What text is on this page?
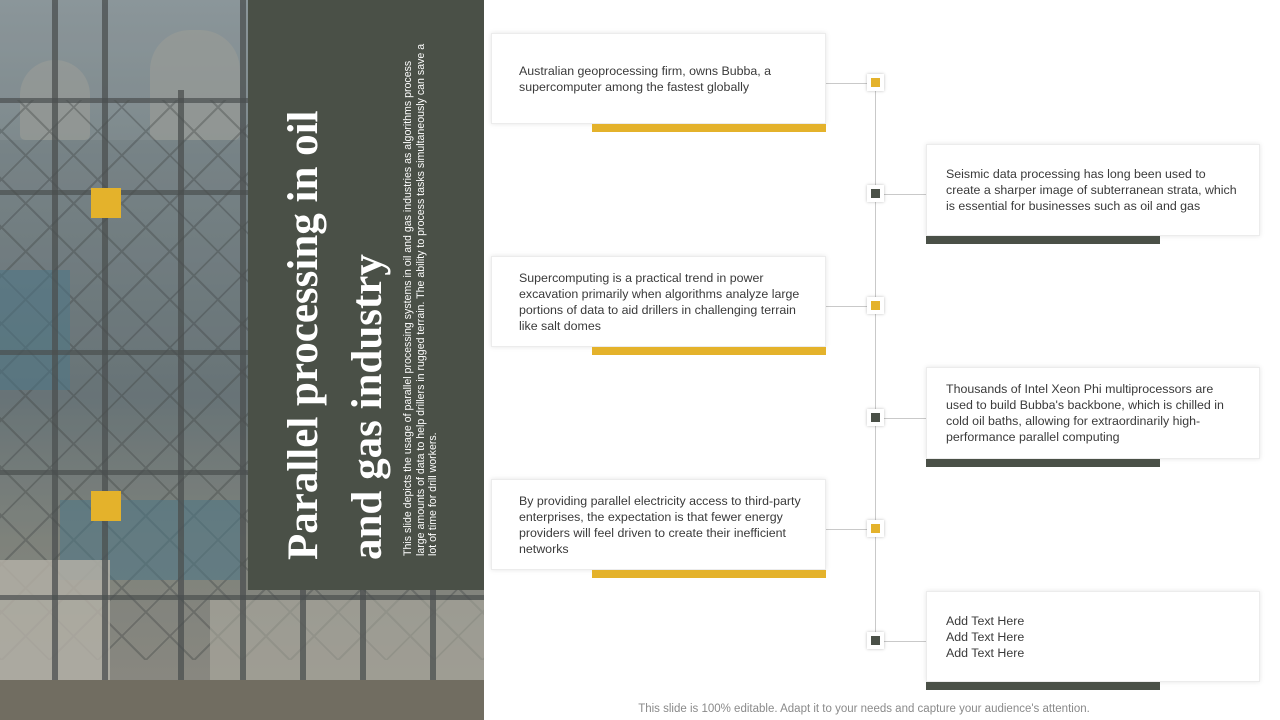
Parallel processing in oil and gas industry	This slide depicts the usage of parallel processing systems in oil and gas industries as algorithms process large amounts of data to help drillers in rugged terrain. The ability to process tasks simultaneously can save a lot of time for drill workers.

Australian geoprocessing firm, owns Bubba, a supercomputer among the fastest globally

Supercomputing is a practical trend in power excavation primarily when algorithms analyze large portions of data to aid drillers in challenging terrain like salt domes

By providing parallel electricity access to third-party enterprises, the expectation is that fewer energy providers will feel driven to create their inefficient networks

Seismic data processing has long been used to create a sharper image of subterranean strata, which is essential for businesses such as oil and gas

Thousands of Intel Xeon Phi multiprocessors are used to build Bubba's backbone, which is chilled in cold oil baths, allowing for extraordinarily high-performance parallel computing

Add Text Here
Add Text Here
Add Text Here
This slide is 100% editable. Adapt it to your needs and capture your audience's attention.
